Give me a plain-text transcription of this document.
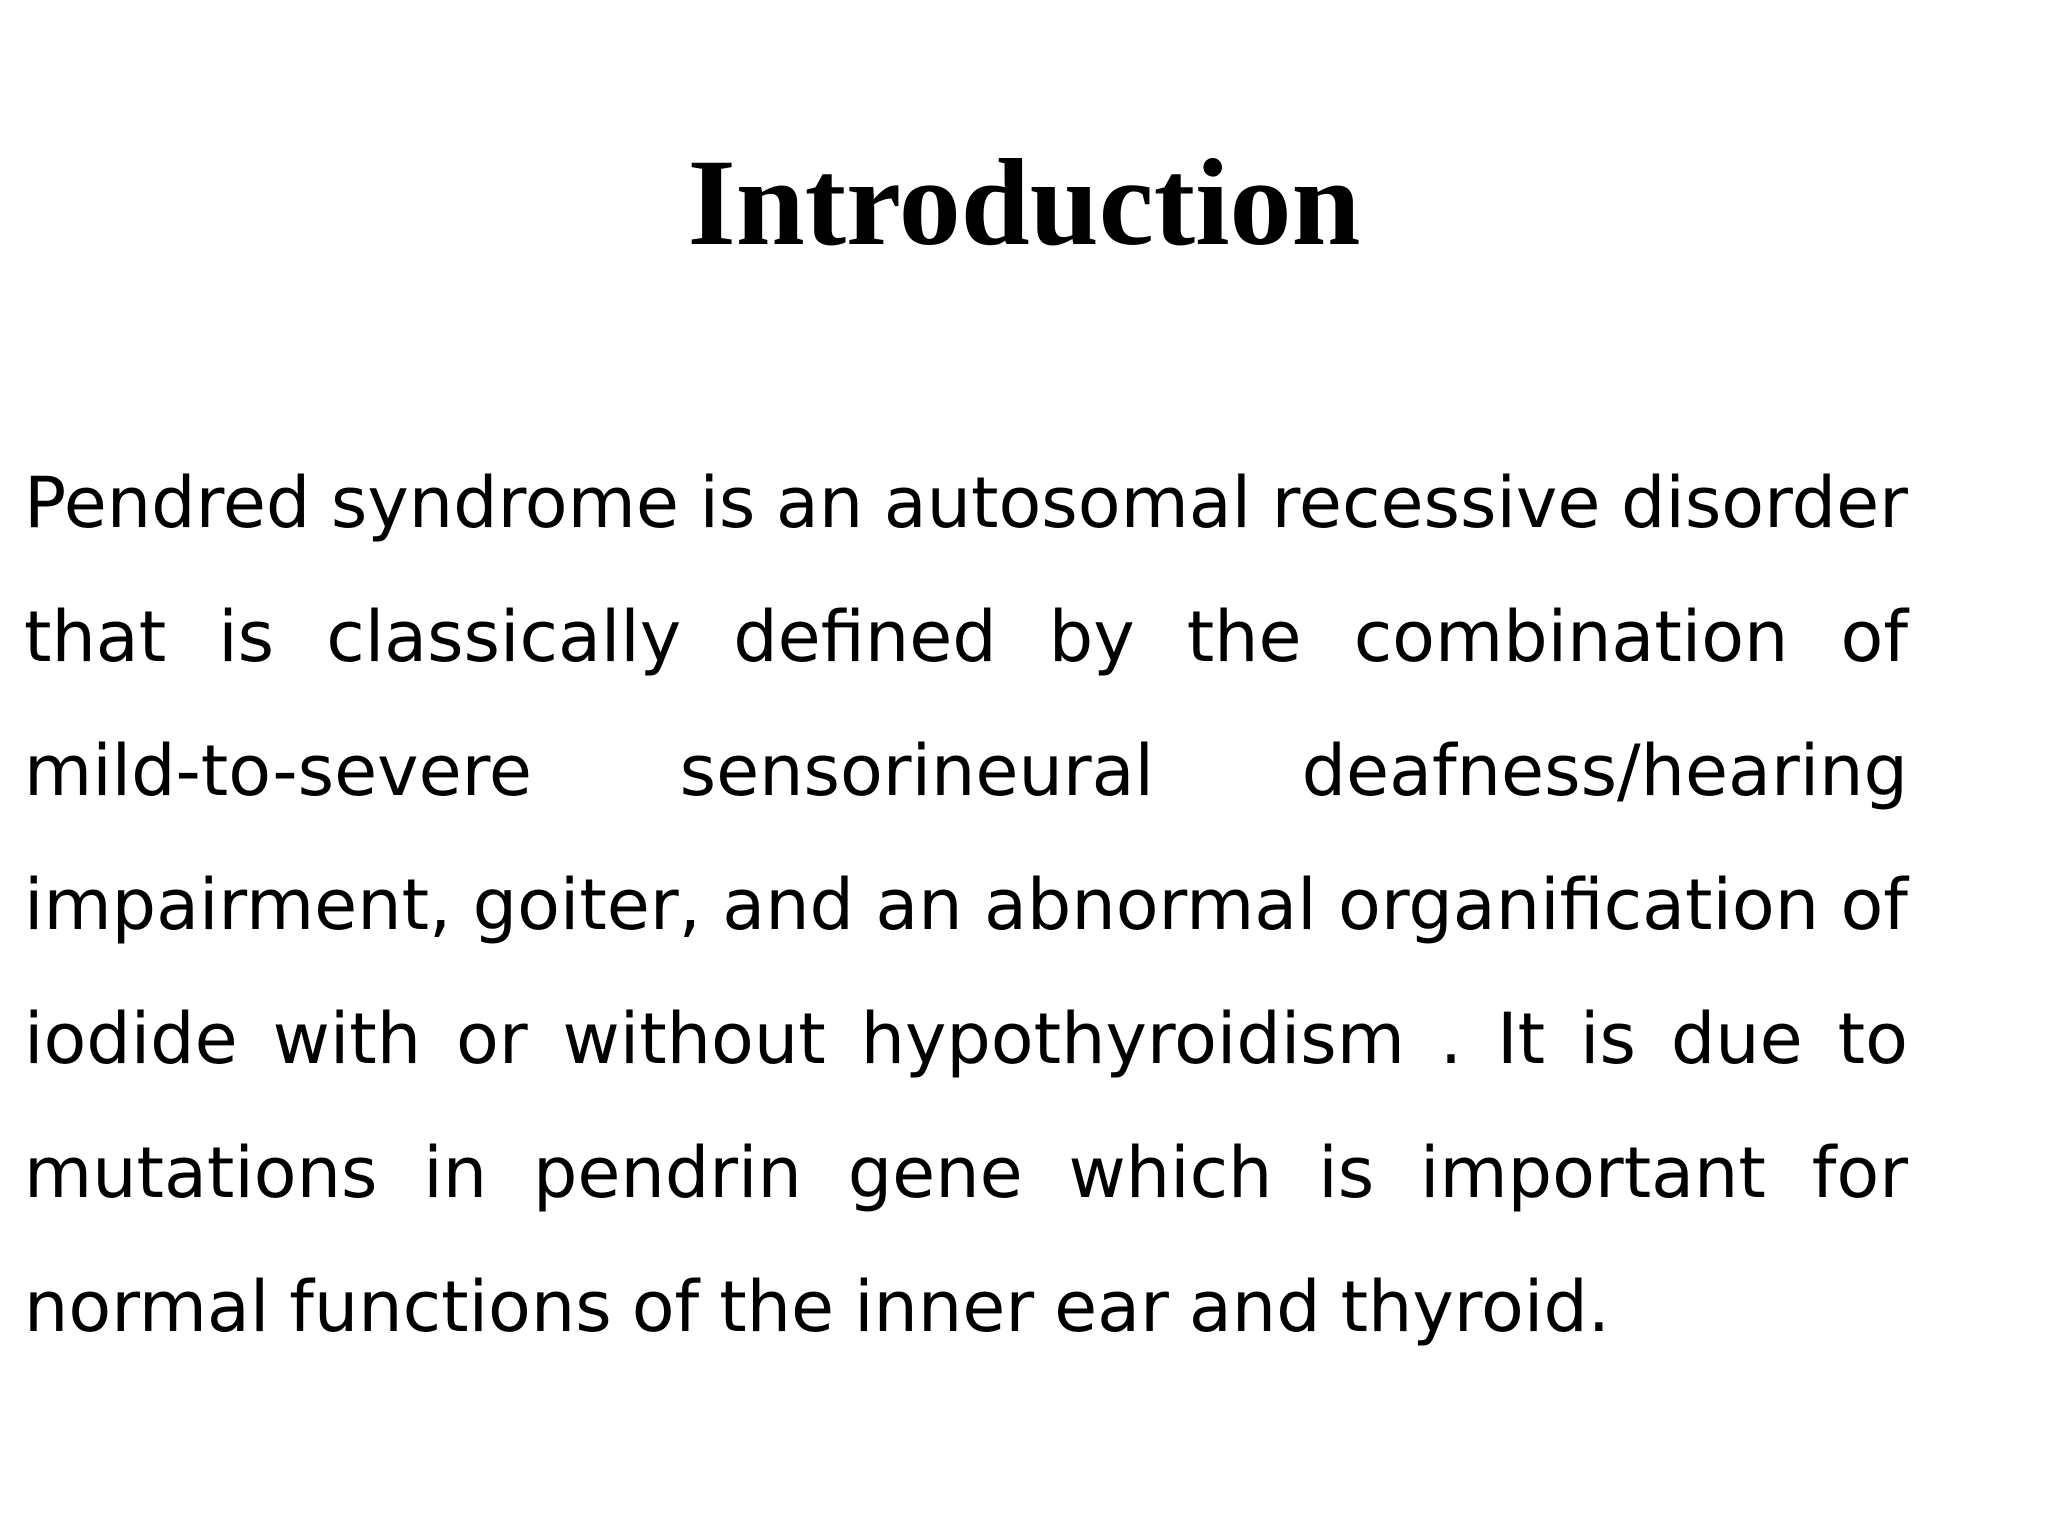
Introduction
Pendred syndrome is an autosomal recessive disorder
that is classically defined by the combination of
mild-to-severe sensorineural deafness/hearing
impairment, goiter, and an abnormal organification of
iodide with or without hypothyroidism . It is due to
mutations in pendrin gene which is important for
normal functions of the inner ear and thyroid.
